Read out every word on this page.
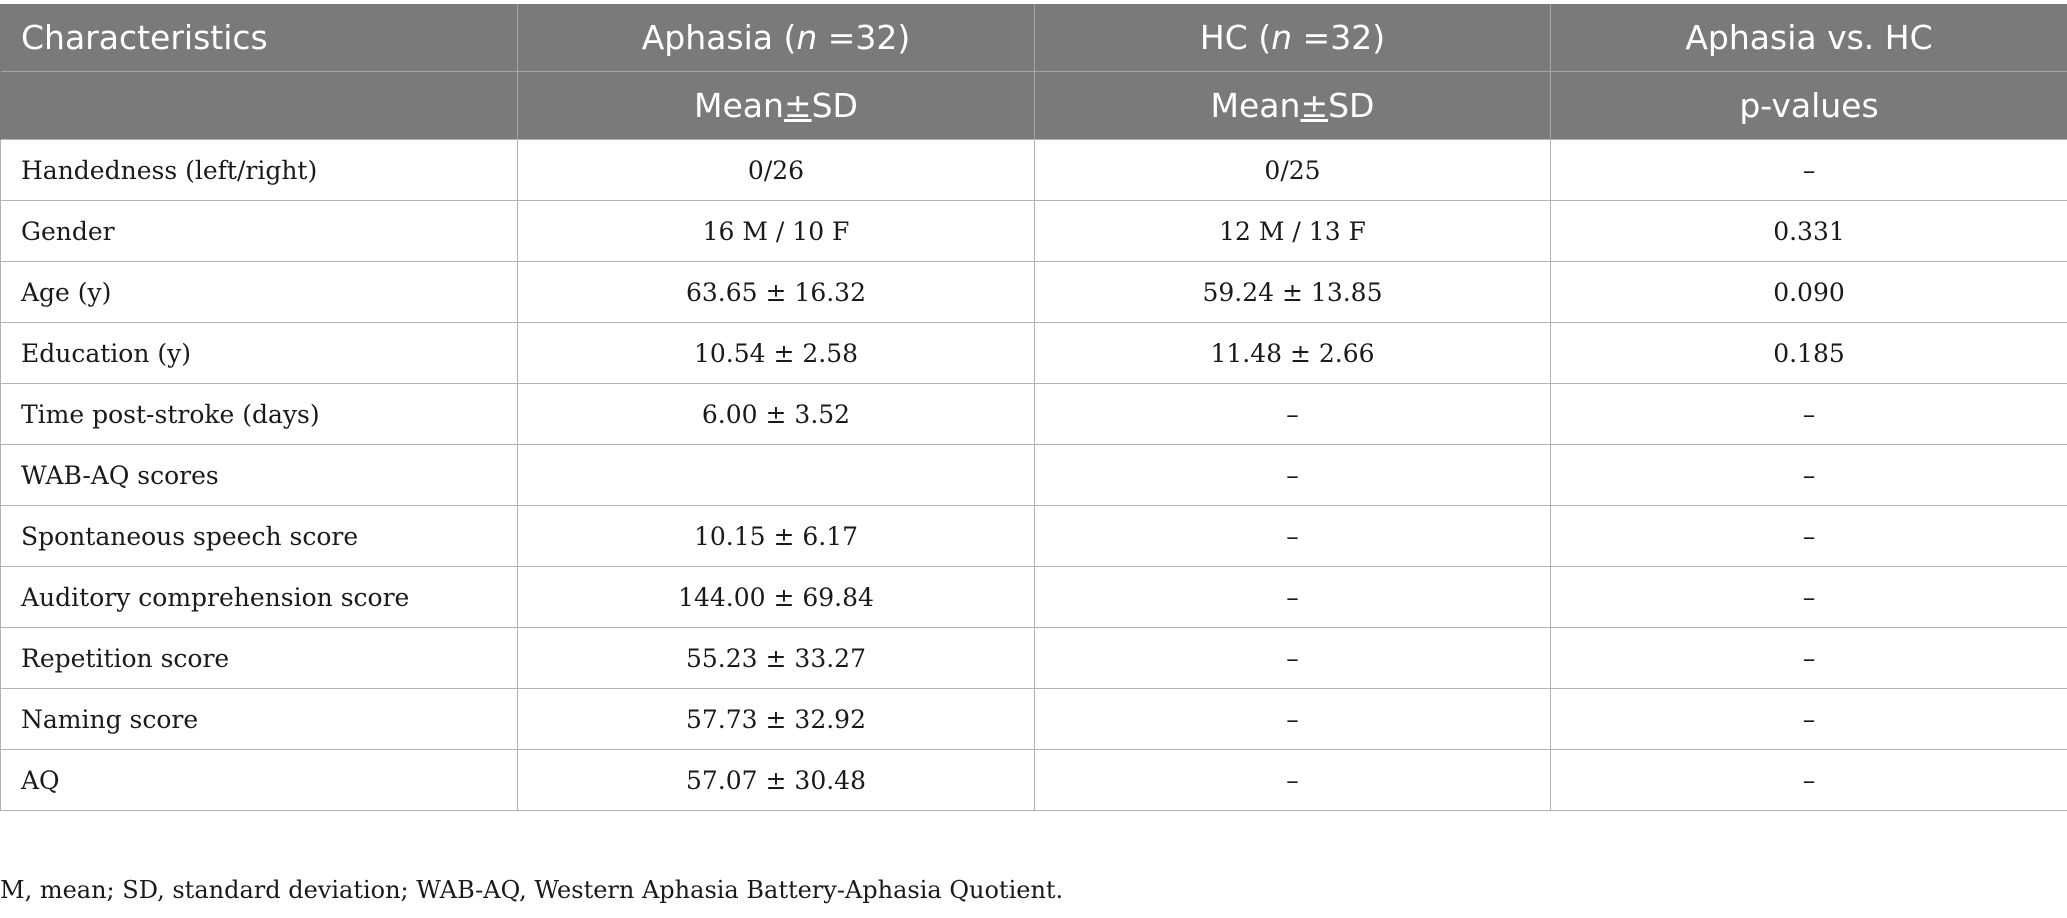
Characteristics	Aphasia (n =32)	HC (n =32)	Aphasia vs. HC
	Mean±SD	Mean±SD	p-values
Handedness (left/right)	0/26	0/25	–
Gender	16 M / 10 F	12 M / 13 F	0.331
Age (y)	63.65 ± 16.32	59.24 ± 13.85	0.090
Education (y)	10.54 ± 2.58	11.48 ± 2.66	0.185
Time post-stroke (days)	6.00 ± 3.52	–	–
WAB-AQ scores		–	–
Spontaneous speech score	10.15 ± 6.17	–	–
Auditory comprehension score	144.00 ± 69.84	–	–
Repetition score	55.23 ± 33.27	–	–
Naming score	57.73 ± 32.92	–	–
AQ	57.07 ± 30.48	–	–
M, mean; SD, standard deviation; WAB-AQ, Western Aphasia Battery-Aphasia Quotient.
